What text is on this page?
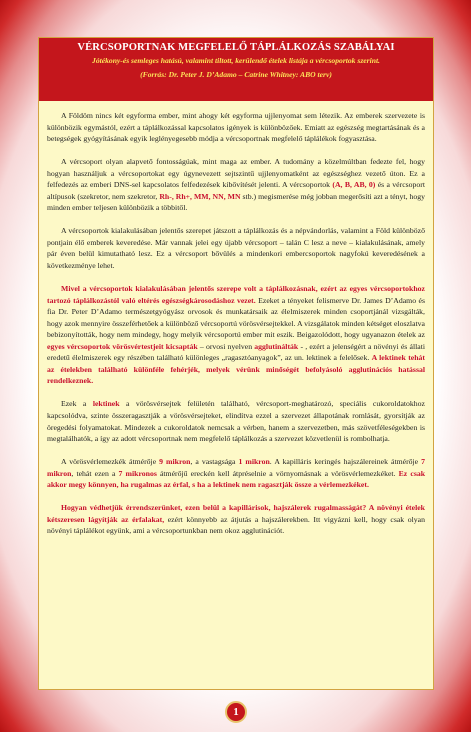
VÉRCSOPORTNAK MEGFELELŐ TÁPLÁLKOZÁS SZABÁLYAI

Jótékony-és semleges hatású, valamint tiltott, kerülendő ételek listája a vércsoportok szerint.

(Forrás: Dr. Peter J. D’Adamo – Catrine Whitney: ABO terv)

A Földöm nincs két egyforma ember, mint ahogy két egyforma ujjlenyomat sem létezik. Az emberek szervezete is különbözik egymástól, ezért a táplálkozással kapcsolatos igények is különbözőek. Emiatt az egészség megtartásának és a betegségek gyógyításának egyik leglényegesebb módja a vércsoportnak megfelelő táplálékok fogyasztása.

A vércsoport olyan alapvető fontosságúak, mint maga az ember. A tudomány a közelmúltban fedezte fel, hogy hogyan használjuk a vércsoportokat egy úgynevezett sejtszintű ujjlenyomatként az egészséghez vezető úton. Ez a felfedezés az emberi DNS-sel kapcsolatos felfedezések kibővítését jelenti. A vércsoportok (A, B, AB, 0) és a vércsoport altípusok (szekretor, nem szekretor, Rh-, Rh+, MM, NN, MN stb.) megismerése még jobban megerősíti azt a tényt, hogy minden ember teljesen különbözik a többitől.

A vércsoportok kialakulásában jelentős szerepet játszott a táplálkozás és a népvándorlás, valamint a Föld különböző pontjain élő emberek keveredése. Már vannak jelei egy újabb vércsoport – talán C lesz a neve – kialakulásának, amely pár éven belül kimutatható lesz. Ez a vércsoport bővülés a mindenkori embercsoportok nagyfokú keveredésének a következménye lehet.

Mivel a vércsoportok kialakulásában jelentős szerepe volt a táplálkozásnak, ezért az egyes vércsoportokhoz tartozó táplálkozástól való eltérés egészségkárosodáshoz vezet. Ezeket a tényeket felismerve Dr. James D’Adamo és fia Dr. Peter D’Adamo természetgyógyász orvosok és munkatársaik az élelmiszerek minden csoportjánál vizsgálták, hogy azok mennyire összeférhetőek a különböző vércsoportú vörösvérsejtekkel. A vizsgálatok minden kétséget eloszlatva bebizonyították, hogy nem mindegy, hogy melyik vércsoportú ember mit eszik. Beigazolódott, hogy ugyanazon ételek az egyes vércsoportok vörösvértestjeit kicsapták – orvosi nyelven agglutinálták - , ezért a jelenségért a növényi és állati eredetű élelmiszerek egy részében található különleges „ragasztóanyagok”, az un. lektinek a felelősek. A lektinek tehát az ételekben található különféle fehérjék, melyek vérünk minőségét befolyásoló agglutinációs hatással rendelkeznek.

Ezek a lektinek a vörösvérsejtek felületén található, vércsoport-meghatározó, speciális cukoroldatokhoz kapcsolódva, szinte összeragasztják a vörösvérsejteket, elindítva ezzel a szervezet állapotának romlását, gyorsítják az öregedési folyamatokat. Mindezek a cukoroldatok nemcsak a vérben, hanem a szervezetben, más szövetféleségekben is megtalálhatók, a így az adott vércsoportnak nem megfelelő táplálkozás a szervezet közvetlenül is rombolhatja.

A vörösvérlemezkék átmérője 9 mikron, a vastagsága 1 mikron. A kapilláris keringés hajszálereinek átmérője 7 mikron, tehát ezen a 7 mikronos átmérőjű ereckén kell átpréselnie a vörnyomásnak a vörösvérlemezkéket. Ez csak akkor megy könnyen, ha rugalmas az érfal, s ha a lektinek nem ragasztják össze a vérlemezkéket.

Hogyan védhetjük érrendszerünket, ezen belül a kapillárisok, hajszálerek rugalmasságát? A növényi ételek kétszeresen lágyítják az érfalakat, ezért könnyebb az átjutás a hajszálerekben. Itt vigyázni kell, hogy csak olyan növényi táplálékot együnk, ami a vércsoportunkban nem okoz agglutinációt.

1
